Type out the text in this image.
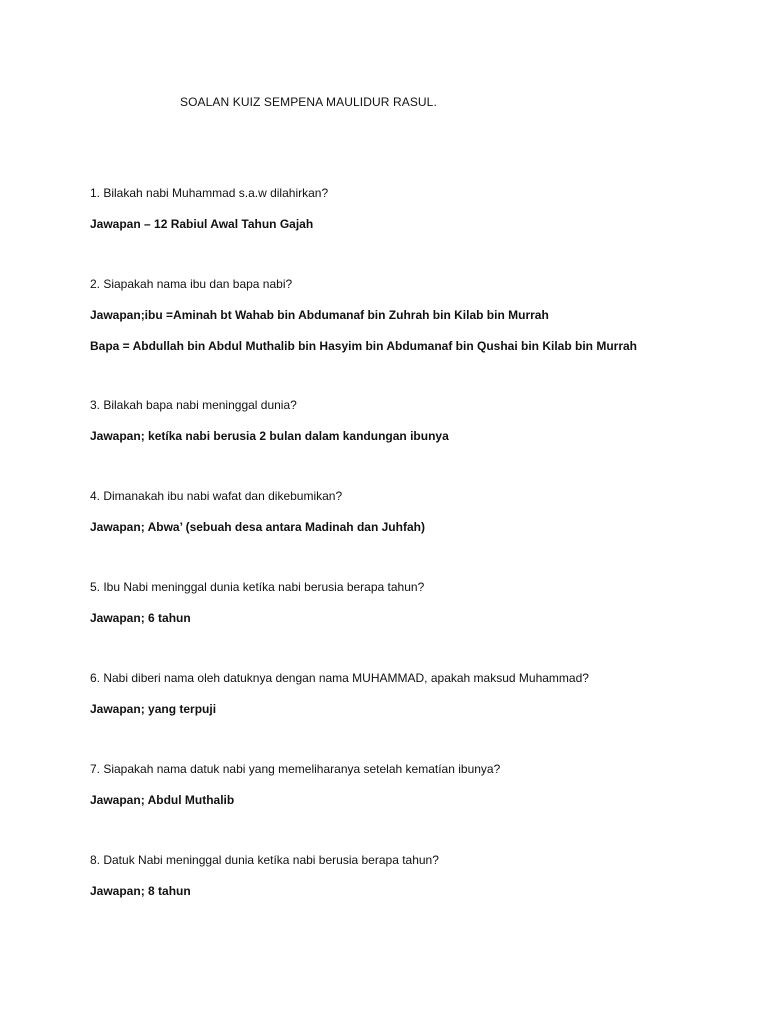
SOALAN KUIZ SEMPENA MAULIDUR RASUL.

1. Bilakah nabi Muhammad s.a.w dilahirkan?

Jawapan – 12 Rabiul Awal Tahun Gajah

2. Siapakah nama ibu dan bapa nabi?

Jawapan;ibu =Aminah bt Wahab bin Abdumanaf bin Zuhrah bin Kilab bin Murrah

Bapa = Abdullah bin Abdul Muthalib bin Hasyim bin Abdumanaf bin Qushai bin Kilab bin Murrah

3. Bilakah bapa nabi meninggal dunia?

Jawapan; ketíka nabi berusia 2 bulan dalam kandungan ibunya

4. Dimanakah ibu nabi wafat dan dikebumikan?

Jawapan; Abwa’ (sebuah desa antara Madinah dan Juhfah)

5. Ibu Nabi meninggal dunia ketíka nabi berusia berapa tahun?

Jawapan; 6 tahun

6. Nabi diberi nama oleh datuknya dengan nama MUHAMMAD, apakah maksud Muhammad?

Jawapan; yang terpuji

7. Siapakah nama datuk nabi yang memeliharanya setelah kematían ibunya?

Jawapan; Abdul Muthalib

8. Datuk Nabi meninggal dunia ketíka nabi berusia berapa tahun?

Jawapan; 8 tahun
